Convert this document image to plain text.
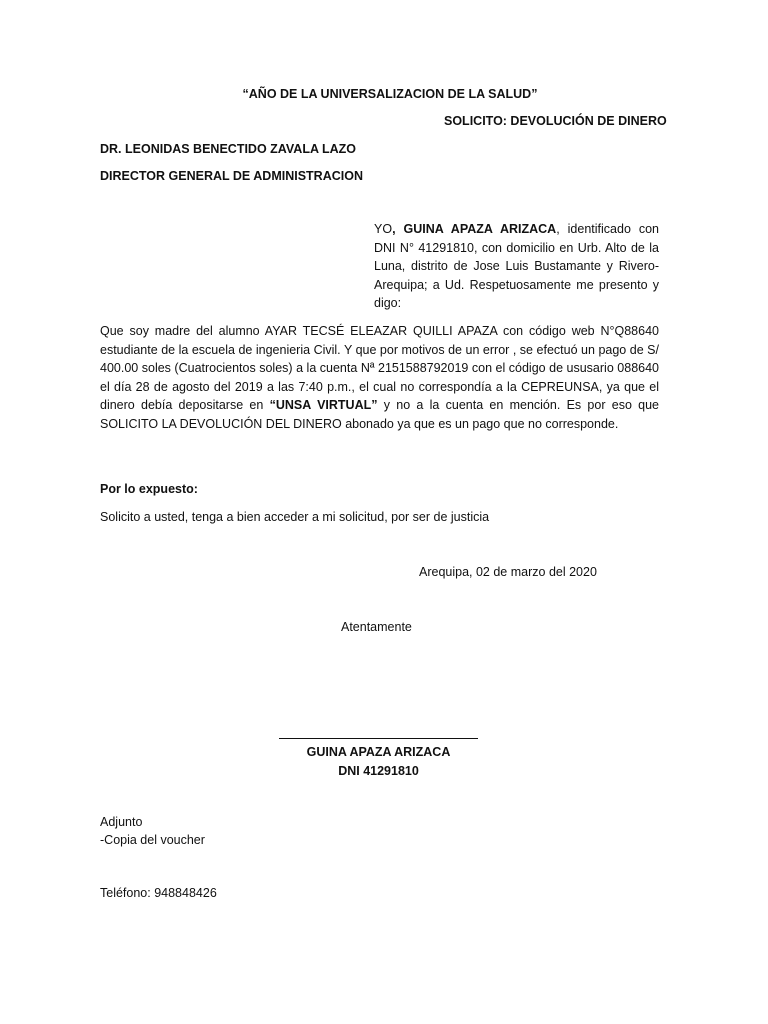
“AÑO DE LA UNIVERSALIZACION DE LA SALUD”
SOLICITO: DEVOLUCIÓN DE DINERO
DR. LEONIDAS BENECTIDO ZAVALA LAZO
DIRECTOR GENERAL DE ADMINISTRACION
YO, GUINA APAZA ARIZACA, identificado con DNI N° 41291810, con domicilio en Urb. Alto de la Luna, distrito de Jose Luis Bustamante y Rivero-Arequipa; a Ud. Respetuosamente me presento y digo:
Que soy madre del alumno AYAR TECSÉ ELEAZAR QUILLI APAZA con código web N°Q88640 estudiante de la escuela de ingenieria Civil. Y que por motivos de un error , se efectuó un pago de S/ 400.00 soles (Cuatrocientos soles) a la cuenta Nª 2151588792019 con el código de ususario 088640 el día 28 de agosto del 2019 a las 7:40 p.m., el cual no correspondía a la CEPREUNSA, ya que el dinero debía depositarse en “UNSA VIRTUAL” y no a la cuenta en mención. Es por eso que SOLICITO LA DEVOLUCIÓN DEL DINERO abonado ya que es un pago que no corresponde.
Por lo expuesto:
Solicito a usted, tenga a bien acceder a mi solicitud, por ser de justicia
Arequipa, 02 de marzo del 2020
Atentamente
GUINA APAZA ARIZACA
DNI 41291810
Adjunto
-Copia del voucher
Teléfono: 948848426
